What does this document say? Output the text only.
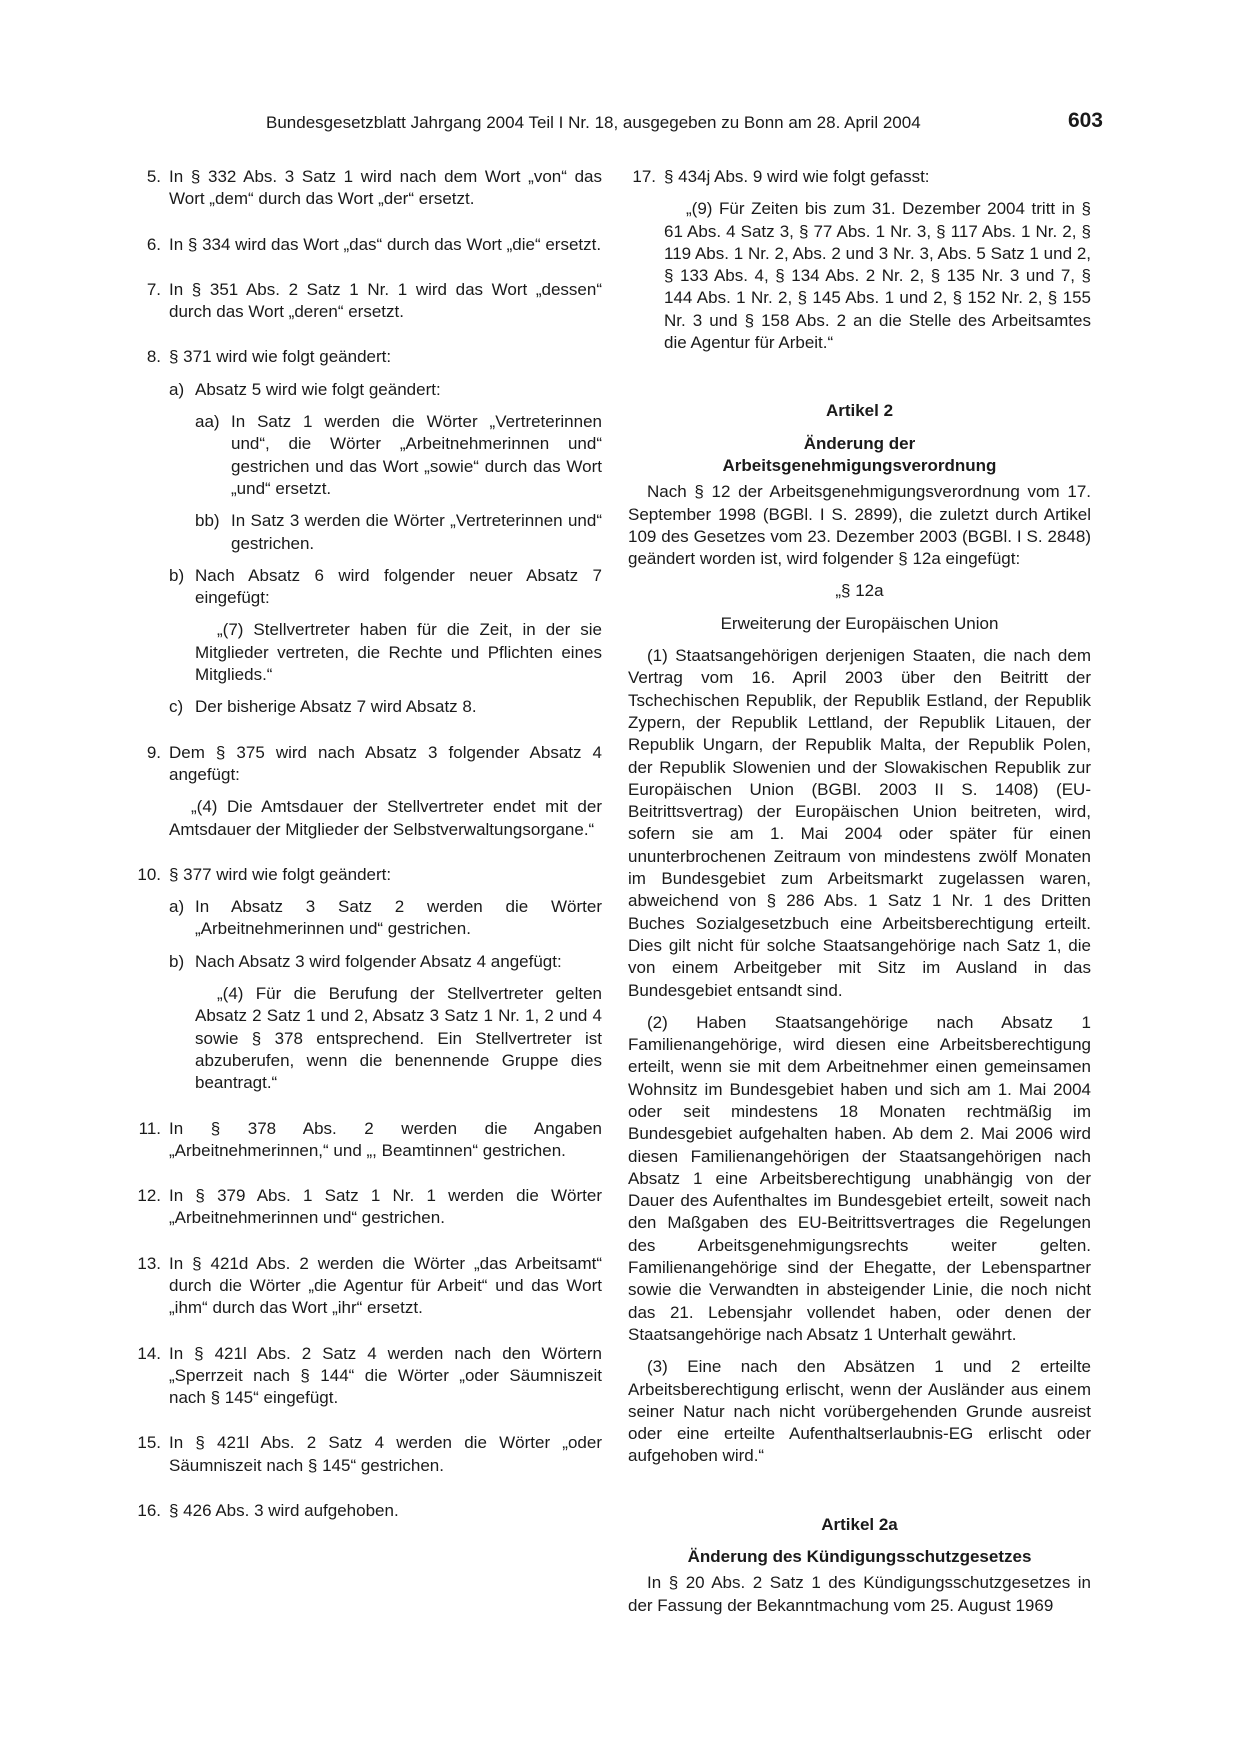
Bundesgesetzblatt Jahrgang 2004 Teil I Nr. 18, ausgegeben zu Bonn am 28. April 2004	603
5. In § 332 Abs. 3 Satz 1 wird nach dem Wort „von“ das Wort „dem“ durch das Wort „der“ ersetzt.

6. In § 334 wird das Wort „das“ durch das Wort „die“ ersetzt.

7. In § 351 Abs. 2 Satz 1 Nr. 1 wird das Wort „dessen“ durch das Wort „deren“ ersetzt.

8. § 371 wird wie folgt geändert:

a) Absatz 5 wird wie folgt geändert:

aa) In Satz 1 werden die Wörter „Vertreterinnen und“, die Wörter „Arbeitnehmerinnen und“ gestrichen und das Wort „sowie“ durch das Wort „und“ ersetzt.

bb) In Satz 3 werden die Wörter „Vertreterinnen und“ gestrichen.

b) Nach Absatz 6 wird folgender neuer Absatz 7 eingefügt:

„(7) Stellvertreter haben für die Zeit, in der sie Mitglieder vertreten, die Rechte und Pflichten eines Mitglieds.“

c) Der bisherige Absatz 7 wird Absatz 8.

9. Dem § 375 wird nach Absatz 3 folgender Absatz 4 angefügt:

„(4) Die Amtsdauer der Stellvertreter endet mit der Amtsdauer der Mitglieder der Selbstverwaltungsorgane.“

10. § 377 wird wie folgt geändert:

a) In Absatz 3 Satz 2 werden die Wörter „Arbeitnehmerinnen und“ gestrichen.

b) Nach Absatz 3 wird folgender Absatz 4 angefügt:

„(4) Für die Berufung der Stellvertreter gelten Absatz 2 Satz 1 und 2, Absatz 3 Satz 1 Nr. 1, 2 und 4 sowie § 378 entsprechend. Ein Stellvertreter ist abzuberufen, wenn die benennende Gruppe dies beantragt.“

11. In § 378 Abs. 2 werden die Angaben „Arbeitnehmerinnen,“ und „, Beamtinnen“ gestrichen.

12. In § 379 Abs. 1 Satz 1 Nr. 1 werden die Wörter „Arbeitnehmerinnen und“ gestrichen.

13. In § 421d Abs. 2 werden die Wörter „das Arbeitsamt“ durch die Wörter „die Agentur für Arbeit“ und das Wort „ihm“ durch das Wort „ihr“ ersetzt.

14. In § 421l Abs. 2 Satz 4 werden nach den Wörtern „Sperrzeit nach § 144“ die Wörter „oder Säumniszeit nach § 145“ eingefügt.

15. In § 421l Abs. 2 Satz 4 werden die Wörter „oder Säumniszeit nach § 145“ gestrichen.

16. § 426 Abs. 3 wird aufgehoben.

17. § 434j Abs. 9 wird wie folgt gefasst:

„(9) Für Zeiten bis zum 31. Dezember 2004 tritt in § 61 Abs. 4 Satz 3, § 77 Abs. 1 Nr. 3, § 117 Abs. 1 Nr. 2, § 119 Abs. 1 Nr. 2, Abs. 2 und 3 Nr. 3, Abs. 5 Satz 1 und 2, § 133 Abs. 4, § 134 Abs. 2 Nr. 2, § 135 Nr. 3 und 7, § 144 Abs. 1 Nr. 2, § 145 Abs. 1 und 2, § 152 Nr. 2, § 155 Nr. 3 und § 158 Abs. 2 an die Stelle des Arbeitsamtes die Agentur für Arbeit.“

Artikel 2

Änderung der

Arbeitsgenehmigungsverordnung

Nach § 12 der Arbeitsgenehmigungsverordnung vom 17. September 1998 (BGBl. I S. 2899), die zuletzt durch Artikel 109 des Gesetzes vom 23. Dezember 2003 (BGBl. I S. 2848) geändert worden ist, wird folgender § 12a eingefügt:

„§ 12a

Erweiterung der Europäischen Union

(1) Staatsangehörigen derjenigen Staaten, die nach dem Vertrag vom 16. April 2003 über den Beitritt der Tschechischen Republik, der Republik Estland, der Republik Zypern, der Republik Lettland, der Republik Litauen, der Republik Ungarn, der Republik Malta, der Republik Polen, der Republik Slowenien und der Slowakischen Republik zur Europäischen Union (BGBl. 2003 II S. 1408) (EU-Beitrittsvertrag) der Europäischen Union beitreten, wird, sofern sie am 1. Mai 2004 oder später für einen ununterbrochenen Zeitraum von mindestens zwölf Monaten im Bundesgebiet zum Arbeitsmarkt zugelassen waren, abweichend von § 286 Abs. 1 Satz 1 Nr. 1 des Dritten Buches Sozialgesetzbuch eine Arbeitsberechtigung erteilt. Dies gilt nicht für solche Staatsangehörige nach Satz 1, die von einem Arbeitgeber mit Sitz im Ausland in das Bundesgebiet entsandt sind.

(2) Haben Staatsangehörige nach Absatz 1 Familienangehörige, wird diesen eine Arbeitsberechtigung erteilt, wenn sie mit dem Arbeitnehmer einen gemeinsamen Wohnsitz im Bundesgebiet haben und sich am 1. Mai 2004 oder seit mindestens 18 Monaten rechtmäßig im Bundesgebiet aufgehalten haben. Ab dem 2. Mai 2006 wird diesen Familienangehörigen der Staatsangehörigen nach Absatz 1 eine Arbeitsberechtigung unabhängig von der Dauer des Aufenthaltes im Bundesgebiet erteilt, soweit nach den Maßgaben des EU-Beitrittsvertrages die Regelungen des Arbeitsgenehmigungsrechts weiter gelten. Familienangehörige sind der Ehegatte, der Lebenspartner sowie die Verwandten in absteigender Linie, die noch nicht das 21. Lebensjahr vollendet haben, oder denen der Staatsangehörige nach Absatz 1 Unterhalt gewährt.

(3) Eine nach den Absätzen 1 und 2 erteilte Arbeitsberechtigung erlischt, wenn der Ausländer aus einem seiner Natur nach nicht vorübergehenden Grunde ausreist oder eine erteilte Aufenthaltserlaubnis-EG erlischt oder aufgehoben wird.“

Artikel 2a

Änderung des Kündigungsschutzgesetzes

In § 20 Abs. 2 Satz 1 des Kündigungsschutzgesetzes in der Fassung der Bekanntmachung vom 25. August 1969
